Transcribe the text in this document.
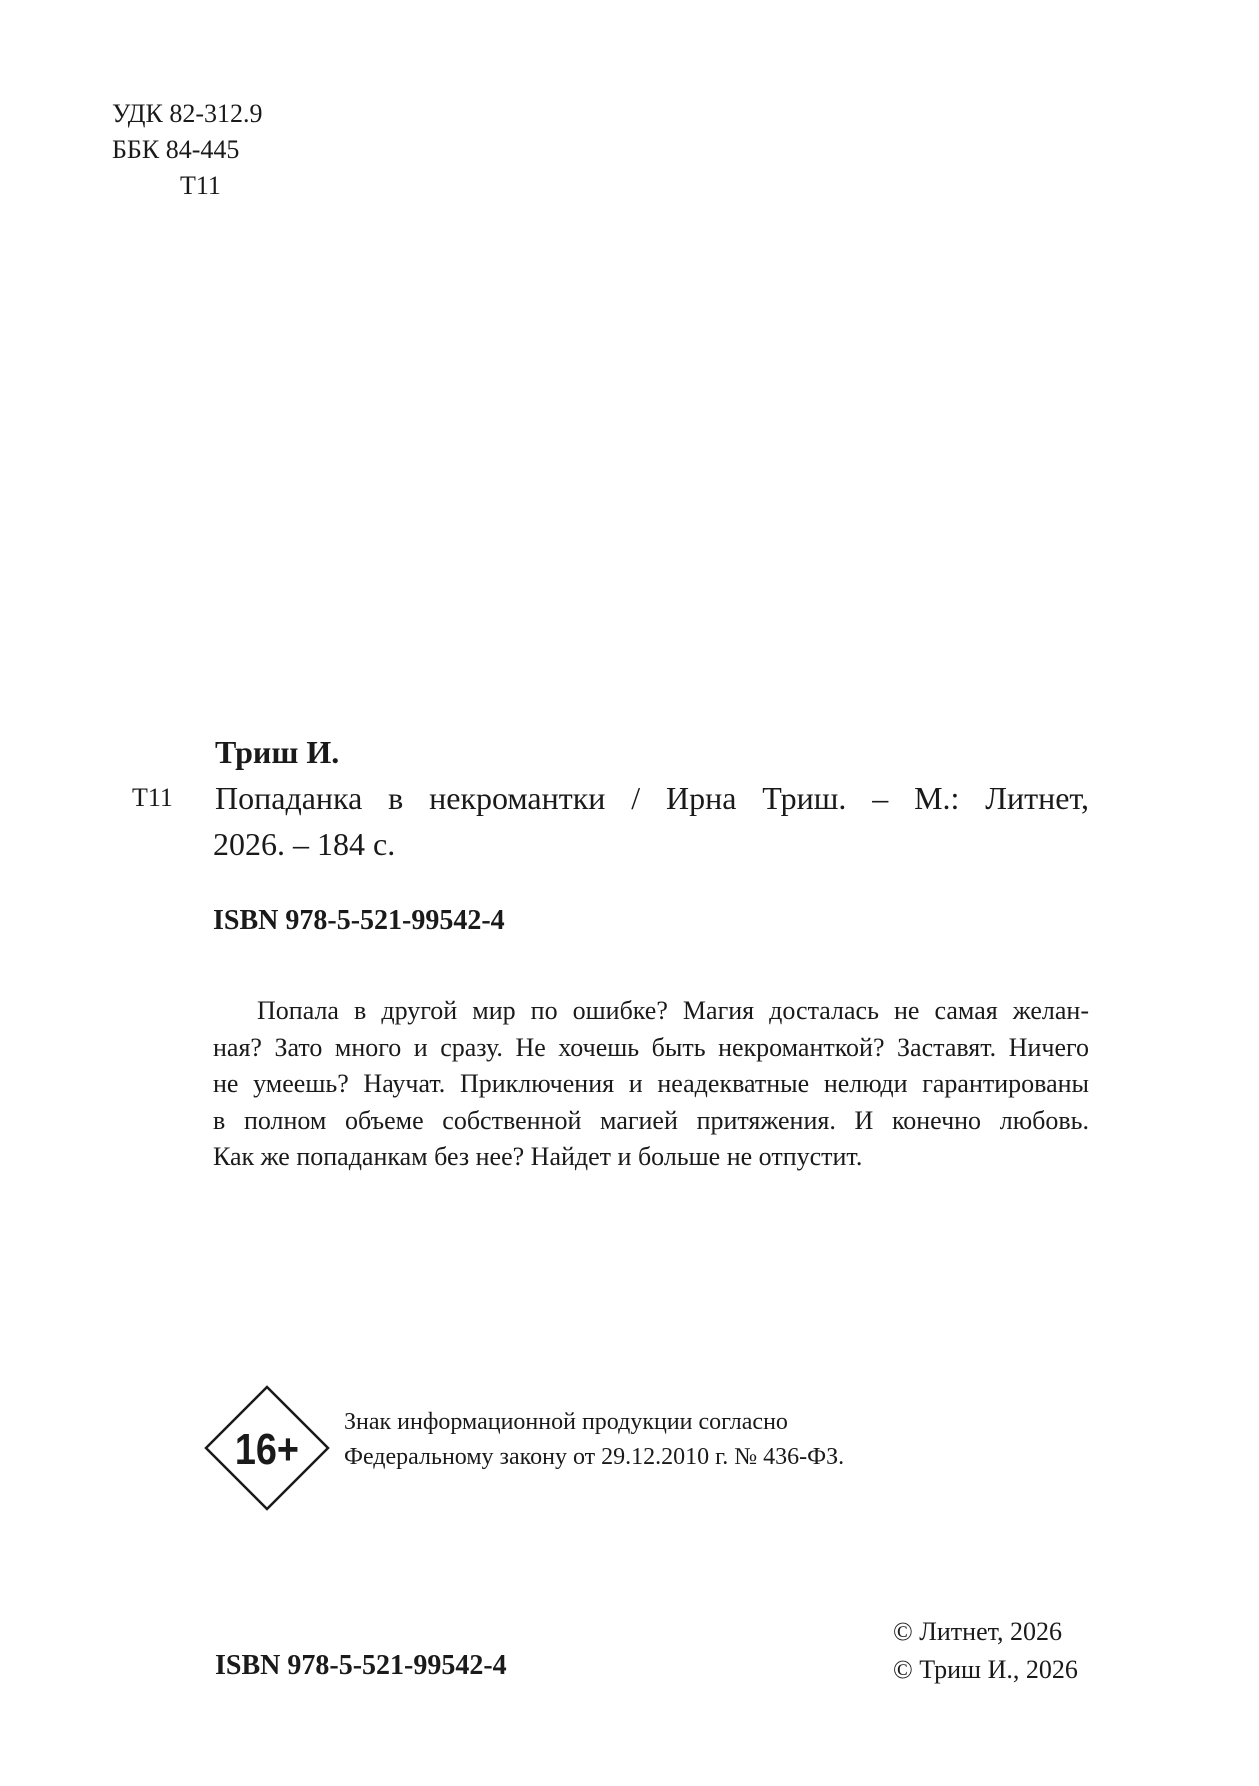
УДК 82-312.9
ББК 84-445
Т11
Триш И.
Т11 Попаданка в некромантки / Ирна Триш. – М.: Литнет,
2026. – 184 с.
ISBN 978-5-521-99542-4
Попала в другой мир по ошибке? Магия досталась не самая желан-
ная? Зато много и сразу. Не хочешь быть некроманткой? Заставят. Ничего
не умеешь? Научат. Приключения и неадекватные нелюди гарантированы
в полном объеме собственной магией притяжения. И конечно любовь.
Как же попаданкам без нее? Найдет и больше не отпустит.
16+
Знак информационной продукции согласно
Федеральному закону от 29.12.2010 г. № 436-ФЗ.
ISBN 978-5-521-99542-4
© Литнет, 2026
© Триш И., 2026
